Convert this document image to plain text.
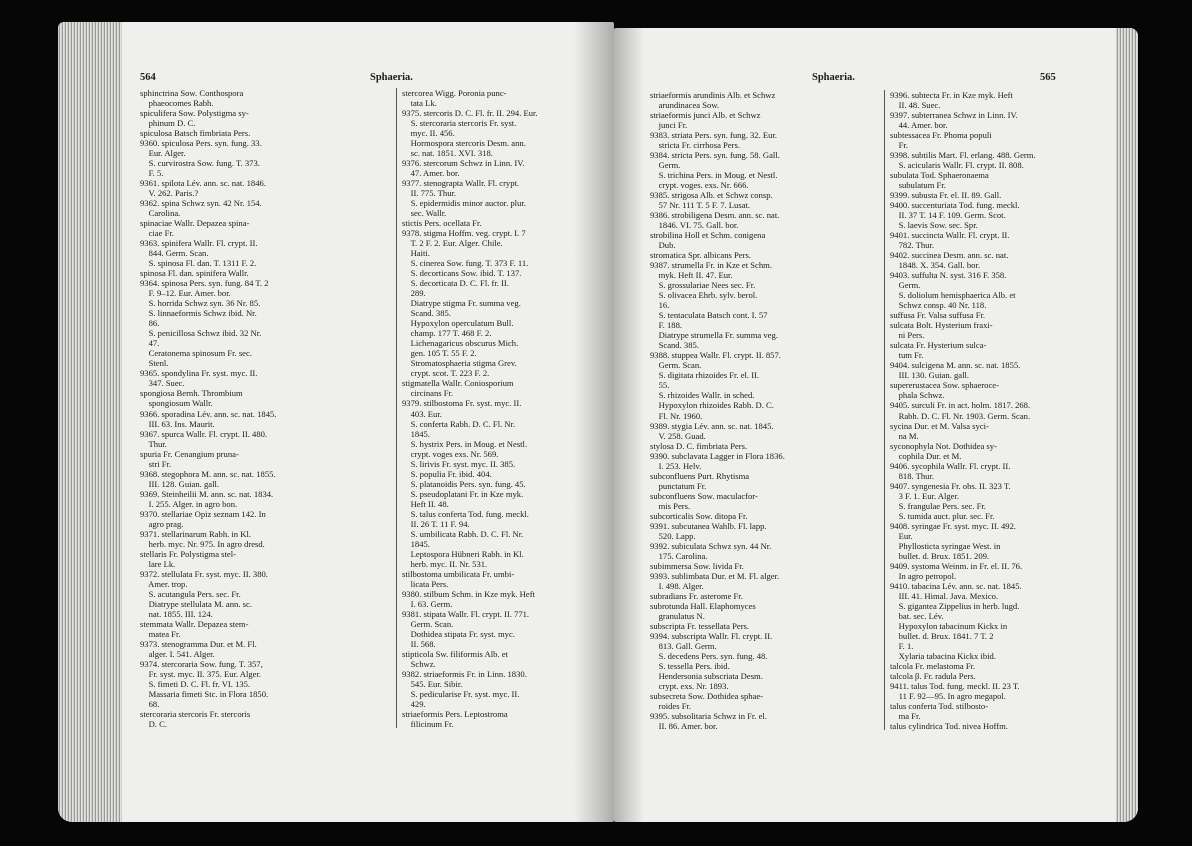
564	Sphaeria.
sphinctrina Sow. Conthospora
phaeocomes Rabh.
spiculifera Sow. Polystigma sy-
phinum D. C.
spiculosa Batsch fimbriata Pers.
9360. spiculosa Pers. syn. fung. 33.
Eur. Alger.
S. curvirostra Sow. fung. T. 373.
F. 5.
9361. spilota Lév. ann. sc. nat. 1846.
V. 262. Paris.?
9362. spina Schwz syn. 42 Nr. 154.
Carolina.
spinaciae Wallr. Depazea spina-
ciae Fr.
9363. spinifera Wallr. Fl. crypt. II.
844. Germ. Scan.
S. spinosa Fl. dan. T. 1311 F. 2.
spinosa Fl. dan. spinifera Wallr.
9364. spinosa Pers. syn. fung. 84 T. 2
F. 9–12. Eur. Amer. bor.
S. horrida Schwz syn. 36 Nr. 85.
S. linnaeformis Schwz ibid. Nr.
86.
S. penicillosa Schwz ibid. 32 Nr.
47.
Ceratonema spinosum Fr. sec.
Stenl.
9365. spondylina Fr. syst. myc. II.
347. Suec.
spongiosa Bernh. Thrombium
spongiosum Wallr.
9366. sporadina Lév. ann. sc. nat. 1845.
III. 63. Ins. Maurit.
9367. spurca Wallr. Fl. crypt. II. 480.
Thur.
spuria Fr. Cenangium pruna-
stri Fr.
9368. stegophora M. ann. sc. nat. 1855.
III. 128. Guian. gall.
9369. Steinheilii M. ann. sc. nat. 1834.
I. 255. Alger. in agro bon.
9370. stellariae Opiz seznam 142. In
agro prag.
9371. stellarinarum Rabh. in Kl.
herb. myc. Nr. 975. In agro dresd.
stellaris Fr. Polystigma stel-
lare Lk.
9372. stellulata Fr. syst. myc. II. 380.
Amer. trop.
S. acutangula Pers. sec. Fr.
Diatrype stellulata M. ann. sc.
nat. 1855. III. 124.
stemmata Wallr. Depazea stem-
matea Fr.
9373. stenogramma Dur. et M. Fl.
alger. I. 541. Alger.
9374. stercoraria Sow. fung. T. 357,
Fr. syst. myc. II. 375. Eur. Alger.
S. fimeti D. C. Fl. fr. VI. 135.
Massaria fimeti Stc. in Flora 1850.
68.
stercoraria stercoris Fr. stercoris
D. C.
stercorea Wigg. Poronia punc-
tata Lk.
9375. stercoris D. C. Fl. fr. II. 294. Eur.
S. stercoraria stercoris Fr. syst.
myc. II. 456.
Hormospora stercoris Desm. ann.
sc. nat. 1851. XVI. 318.
9376. stercorum Schwz in Linn. IV.
47. Amer. bor.
9377. stenograpta Wallr. Fl. crypt.
II. 775. Thur.
S. epidermidis minor auctor. plur.
sec. Wallr.
stictis Pers. ocellata Fr.
9378. stigma Hoffm. veg. crypt. I. 7
T. 2 F. 2. Eur. Alger. Chile.
Haiti.
S. cinerea Sow. fung. T. 373 F. 11.
S. decorticans Sow. ibid. T. 137.
S. decorticata D. C. Fl. fr. II.
289.
Diatrype stigma Fr. summa veg.
Scand. 385.
Hypoxylon operculatum Bull.
champ. 177 T. 468 F. 2.
Lichenagaricus obscurus Mich.
gen. 105 T. 55 F. 2.
Stromatosphaeria stigma Grev.
crypt. scot. T. 223 F. 2.
stigmatella Wallr. Coniosporium
circinans Fr.
9379. stilbostoma Fr. syst. myc. II.
403. Eur.
S. conferta Rabh. D. C. Fl. Nr.
1845.
S. hystrix Pers. in Moug. et Nestl.
crypt. voges exs. Nr. 569.
S. lirivis Fr. syst. myc. II. 385.
S. populia Fr. ibid. 404.
S. platanoidis Pers. syn. fung. 45.
S. pseudoplatani Fr. in Kze myk.
Heft II. 48.
S. talus conferta Tod. fung. meckl.
II. 26 T. 11 F. 94.
S. umbilicata Rabh. D. C. Fl. Nr.
1845.
Leptospora Hübneri Rabh. in Kl.
herb. myc. II. Nr. 531.
stilbostoma umbilicata Fr. umbi-
licata Pers.
9380. stilbum Schm. in Kze myk. Heft
I. 63. Germ.
9381. stipata Wallr. Fl. crypt. II. 771.
Germ. Scan.
Dothidea stipata Fr. syst. myc.
II. 568.
stipticola Sw. filiformis Alb. et
Schwz.
9382. striaeformis Fr. in Linn. 1830.
545. Eur. Sibir.
S. pedicularise Fr. syst. myc. II.
429.
striaeformis Pers. Leptostroma
filicinum Fr.
Sphaeria.	565
striaeformis arundinis Alb. et Schwz
arundinacea Sow.
striaeformis junci Alb. et Schwz
junci Fr.
9383. striata Pers. syn. fung. 32. Eur.
stricta Fr. cirrhosa Pers.
9384. stricta Pers. syn. fung. 58. Gall.
Germ.
S. trichina Pers. in Moug. et Nestl.
crypt. voges. exs. Nr. 666.
9385. strigosa Alb. et Schwz consp.
57 Nr. 111 T. 5 F. 7. Lusat.
9386. strobiligena Desm. ann. sc. nat.
1846. VI. 75. Gall. bor.
strobilina Holl et Schm. conigena
Dub.
stromatica Spr. albicans Pers.
9387. strumella Fr. in Kze et Schm.
myk. Heft II. 47. Eur.
S. grossulariae Nees sec. Fr.
S. olivacea Ehrb. sylv. berol.
16.
S. tentaculata Batsch cont. I. 57
F. 188.
Diatrype strumella Fr. summa veg.
Scand. 385.
9388. stuppea Wallr. Fl. crypt. II. 857.
Germ. Scan.
S. digitata rhizoides Fr. el. II.
55.
S. rhizoides Wallr. in sched.
Hypoxylon rhizoides Rabh. D. C.
Fl. Nr. 1960.
9389. stygia Lév. ann. sc. nat. 1845.
V. 258. Guad.
stylosa D. C. fimbriata Pers.
9390. subclavata Lagger in Flora 1836.
I. 253. Helv.
subconfluens Purt. Rhytisma
punctatum Fr.
subconfluens Sow. maculacfor-
mis Pers.
subcorticalis Sow. ditopa Fr.
9391. subcutanea Wahlb. Fl. lapp.
520. Lapp.
9392. subiculata Schwz syn. 44 Nr.
175. Carolina.
subimmersa Sow. livida Fr.
9393. sublimbata Dur. et M. Fl. alger.
I. 498. Alger.
subradians Fr. asterome Fr.
subrotunda Hall. Elaphomyces
granulatus N.
subscripta Fr. tessellata Pers.
9394. subscripta Wallr. Fl. crypt. II.
813. Gall. Germ.
S. decedens Pers. syn. fung. 48.
S. tessella Pers. ibid.
Hendersonia subscriata Desm.
crypt. exs. Nr. 1893.
subsecreta Sow. Dothidea sphae-
roides Fr.
9395. subsolitaria Schwz in Fr. el.
II. 86. Amer. bor.
9396. subtecta Fr. in Kze myk. Heft
II. 48. Suec.
9397. subterranea Schwz in Linn. IV.
44. Amer. bor.
subtessacea Fr. Phoma populi
Fr.
9398. subtilis Mart. Fl. erlang. 488. Germ.
S. acicularis Wallr. Fl. crypt. II. 808.
subulata Tod. Sphaeronaema
subulatum Fr.
9399. subusta Fr. el. II. 89. Gall.
9400. succenturiata Tod. fung. meckl.
II. 37 T. 14 F. 109. Germ. Scot.
S. laevis Sow. sec. Spr.
9401. succincta Wallr. Fl. crypt. II.
782. Thur.
9402. succinea Desm. ann. sc. nat.
1848. X. 354. Gall. bor.
9403. suffulta N. syst. 316 F. 358.
Germ.
S. doliolum hemisphaerica Alb. et
Schwz consp. 40 Nr. 118.
suffusa Fr. Valsa suffusa Fr.
sulcata Bolt. Hysterium fraxi-
ni Pers.
sulcata Fr. Hysterium sulca-
tum Fr.
9404. sulcigena M. ann. sc. nat. 1855.
III. 130. Guian. gall.
supererustacea Sow. sphaeroce-
phala Schwz.
9405. surculi Fr. in act. holm. 1817. 268.
Rabh. D. C. Fl. Nr. 1903. Germ. Scan.
sycina Dur. et M. Valsa syci-
na M.
syconophyla Not. Dothidea sy-
cophila Dur. et M.
9406. sycophila Wallr. Fl. crypt. II.
818. Thur.
9407. syngenesia Fr. obs. II. 323 T.
3 F. 1. Eur. Alger.
S. frangulae Pers. sec. Fr.
S. tumida auct. plur. sec. Fr.
9408. syringae Fr. syst. myc. II. 492.
Eur.
Phyllosticta syringae West. in
bullet. d. Brux. 1851. 209.
9409. systoma Weinm. in Fr. el. II. 76.
In agro petropol.
9410. tabacina Lév. ann. sc. nat. 1845.
III. 41. Himal. Java. Mexico.
S. gigantea Zippelius in herb. lugd.
bat. sec. Lév.
Hypoxylon tabacinum Kickx in
bullet. d. Brux. 1841. 7 T. 2
F. 1.
Xylaria tabacina Kickx ibid.
talcola Fr. melastoma Fr.
talcola β. Fr. radula Pers.
9411. talus Tod. fung. meckl. II. 23 T.
11 F. 92—95. In agro megapol.
talus conferta Tod. stilbosto-
ma Fr.
talus cylindrica Tod. nivea Hoffm.
